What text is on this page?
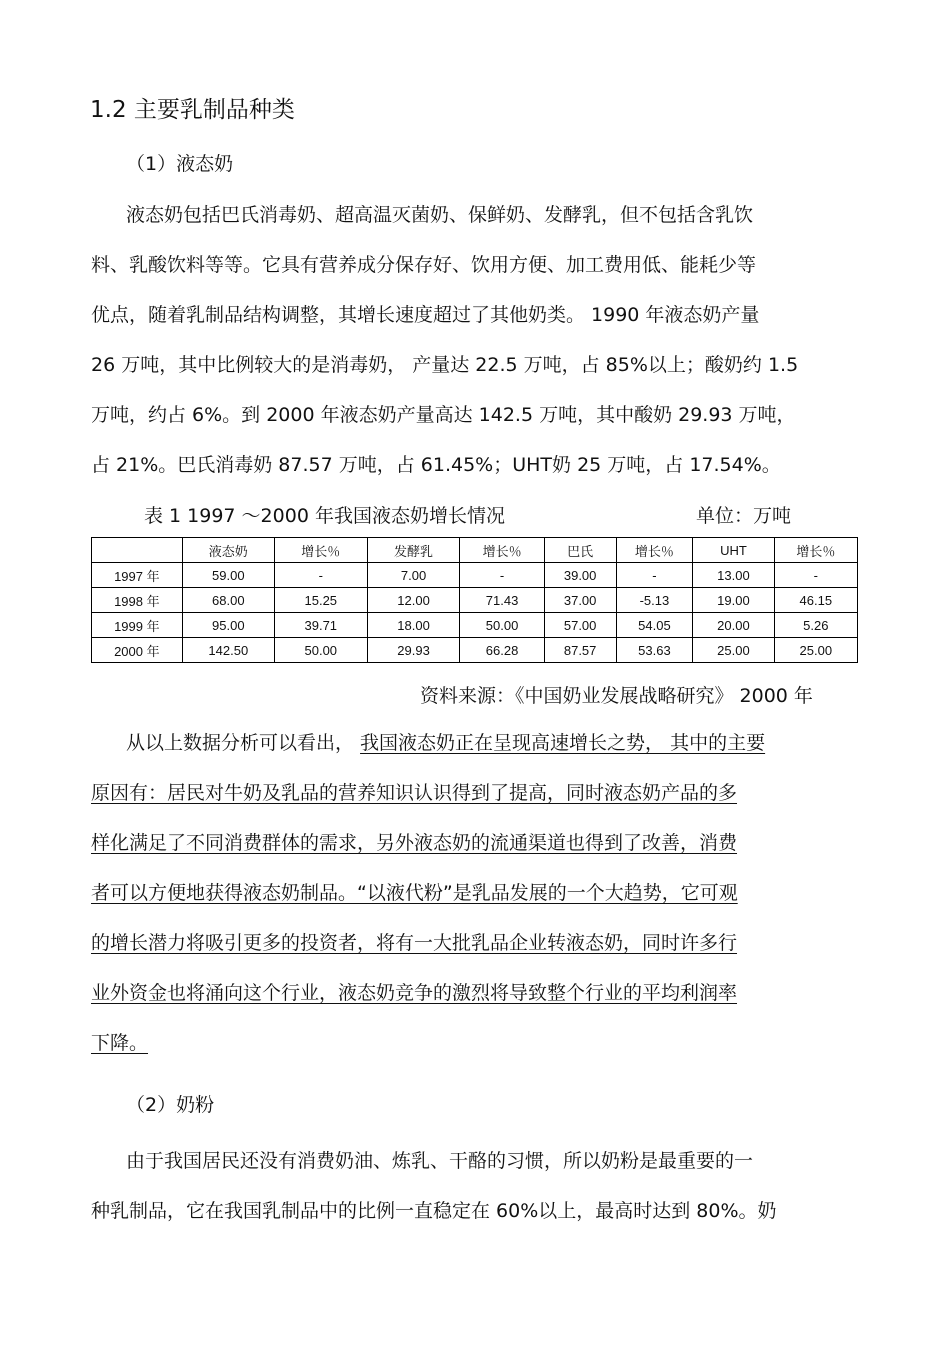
1.2 主要乳制品种类
（1）液态奶
液态奶包括巴氏消毒奶、超高温灭菌奶、保鲜奶、发酵乳，但不包括含乳饮
料、乳酸饮料等等。它具有营养成分保存好、饮用方便、加工费用低、能耗少等
优点，随着乳制品结构调整，其增长速度超过了其他奶类。 1990 年液态奶产量
26 万吨，其中比例较大的是消毒奶， 产量达 22.5 万吨，占 85%以上；酸奶约 1.5
万吨，约占 6%。到 2000 年液态奶产量高达 142.5 万吨，其中酸奶 29.93 万吨，
占 21%。巴氏消毒奶 87.57 万吨，占 61.45%；UHT奶 25 万吨，占 17.54%。
表 1 1997 ～2000 年我国液态奶增长情况	单位：万吨
	液态奶	增长％	发酵乳	增长％	巴氏	增长％	UHT	增长％
1997 年	59.00	-	7.00	-	39.00	-	13.00	-
1998 年	68.00	15.25	12.00	71.43	37.00	-5.13	19.00	46.15
1999 年	95.00	39.71	18.00	50.00	57.00	54.05	20.00	5.26
2000 年	142.50	50.00	29.93	66.28	87.57	53.63	25.00	25.00
资料来源：《中国奶业发展战略研究》 2000 年
从以上数据分析可以看出， 我国液态奶正在呈现高速增长之势， 其中的主要
原因有：居民对牛奶及乳品的营养知识认识得到了提高，同时液态奶产品的多
样化满足了不同消费群体的需求，另外液态奶的流通渠道也得到了改善，消费
者可以方便地获得液态奶制品。“以液代粉”是乳品发展的一个大趋势，它可观
的增长潜力将吸引更多的投资者，将有一大批乳品企业转液态奶，同时许多行
业外资金也将涌向这个行业，液态奶竞争的激烈将导致整个行业的平均利润率
下降。
（2）奶粉
由于我国居民还没有消费奶油、炼乳、干酪的习惯，所以奶粉是最重要的一
种乳制品，它在我国乳制品中的比例一直稳定在 60%以上，最高时达到 80%。奶
